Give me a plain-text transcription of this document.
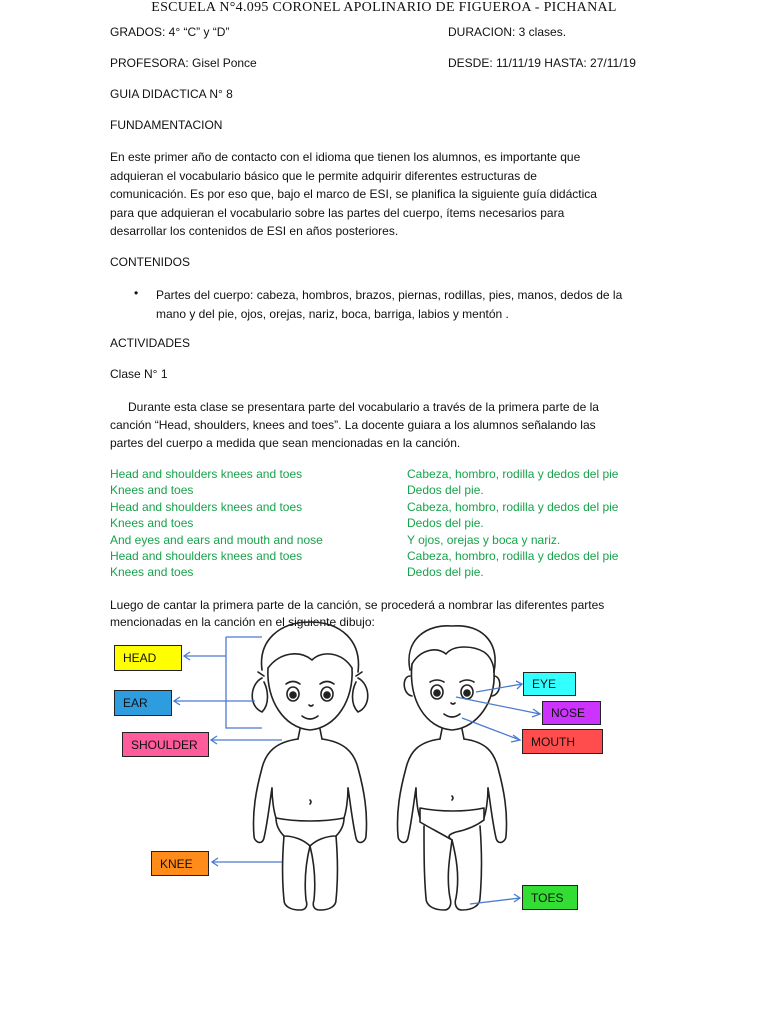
ESCUELA N°4.095 CORONEL APOLINARIO DE FIGUEROA - PICHANAL
GRADOS: 4° “C” y “D”	DURACION: 3 clases.
PROFESORA: Gisel Ponce	DESDE: 11/11/19 HASTA: 27/11/19
GUIA DIDACTICA N° 8
FUNDAMENTACION
En este primer año de contacto con el idioma que tienen los alumnos, es importante que
adquieran el vocabulario básico que le permite adquirir diferentes estructuras de
comunicación. Es por eso que, bajo el marco de ESI, se planifica la siguiente guía didáctica
para que adquieran el vocabulario sobre las partes del cuerpo, ítems necesarios para
desarrollar los contenidos de ESI en años posteriores.
CONTENIDOS
• Partes del cuerpo: cabeza, hombros, brazos, piernas, rodillas, pies, manos, dedos de la
mano y del pie, ojos, orejas, nariz, boca, barriga, labios y mentón .
ACTIVIDADES
Clase N° 1
Durante esta clase se presentara parte del vocabulario a través de la primera parte de la
canción “Head, shoulders, knees and toes”. La docente guiara a los alumnos señalando las
partes del cuerpo a medida que sean mencionadas en la canción.
Head and shoulders knees and toes
Knees and toes
Head and shoulders knees and toes
Knees and toes
And eyes and ears and mouth and nose
Head and shoulders knees and toes
Knees and toes
Cabeza, hombro, rodilla y dedos del pie
Dedos del pie.
Cabeza, hombro, rodilla y dedos del pie
Dedos del pie.
Y ojos, orejas y boca y nariz.
Cabeza, hombro, rodilla y dedos del pie
Dedos del pie.
Luego de cantar la primera parte de la canción, se procederá a nombrar las diferentes partes
mencionadas en la canción en el siguiente dibujo:
HEAD
EAR
SHOULDER
KNEE
EYE
NOSE
MOUTH
TOES
